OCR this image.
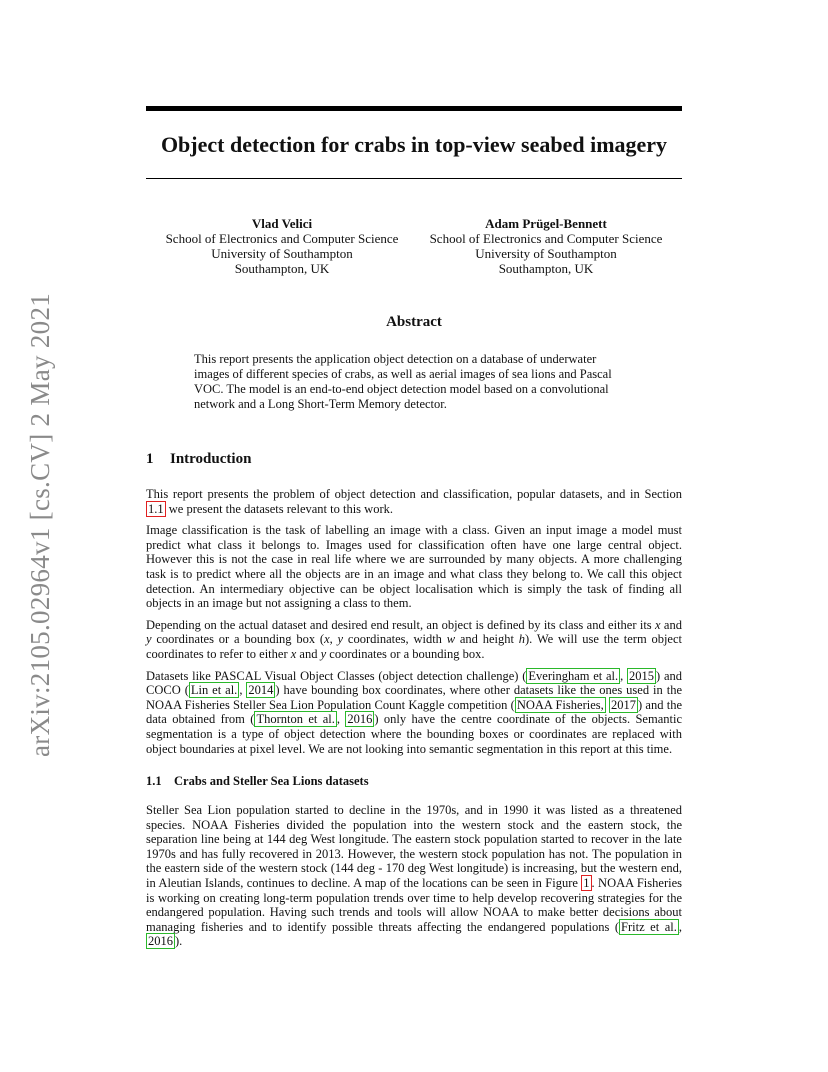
arXiv:2105.02964v1 [cs.CV] 2 May 2021
Object detection for crabs in top-view seabed imagery
Vlad Velici
School of Electronics and Computer Science
University of Southampton
Southampton, UK
Adam Prügel-Bennett
School of Electronics and Computer Science
University of Southampton
Southampton, UK
Abstract

This report presents the application object detection on a database of underwater images of different species of crabs, as well as aerial images of sea lions and Pascal VOC. The model is an end-to-end object detection model based on a convolutional network and a Long Short-Term Memory detector.

1 Introduction

This report presents the problem of object detection and classification, popular datasets, and in Section 1.1 we present the datasets relevant to this work.

Image classification is the task of labelling an image with a class. Given an input image a model must predict what class it belongs to. Images used for classification often have one large central object. However this is not the case in real life where we are surrounded by many objects. A more challenging task is to predict where all the objects are in an image and what class they belong to. We call this object detection. An intermediary objective can be object localisation which is simply the task of finding all objects in an image but not assigning a class to them.

Depending on the actual dataset and desired end result, an object is defined by its class and either its x and y coordinates or a bounding box (x, y coordinates, width w and height h). We will use the term object coordinates to refer to either x and y coordinates or a bounding box.

Datasets like PASCAL Visual Object Classes (object detection challenge) ( Everingham et al. , 2015 ) and COCO ( Lin et al. , 2014 ) have bounding box coordinates, where other datasets like the ones used in the NOAA Fisheries Steller Sea Lion Population Count Kaggle competition ( NOAA Fisheries, 2017 ) and the data obtained from ( Thornton et al. , 2016 ) only have the centre coordinate of the objects. Semantic segmentation is a type of object detection where the bounding boxes or coordinates are replaced with object boundaries at pixel level. We are not looking into semantic segmentation in this report at this time.

1.1 Crabs and Steller Sea Lions datasets

Steller Sea Lion population started to decline in the 1970s, and in 1990 it was listed as a threatened species. NOAA Fisheries divided the population into the western stock and the eastern stock, the separation line being at 144 deg West longitude. The eastern stock population started to recover in the late 1970s and has fully recovered in 2013. However, the western stock population has not. The population in the eastern side of the western stock (144 deg - 170 deg West longitude) is increasing, but the western end, in Aleutian Islands, continues to decline. A map of the locations can be seen in Figure 1 . NOAA Fisheries is working on creating long-term population trends over time to help develop recovering strategies for the endangered population. Having such trends and tools will allow NOAA to make better decisions about managing fisheries and to identify possible threats affecting the endangered populations ( Fritz et al. , 2016 ).
